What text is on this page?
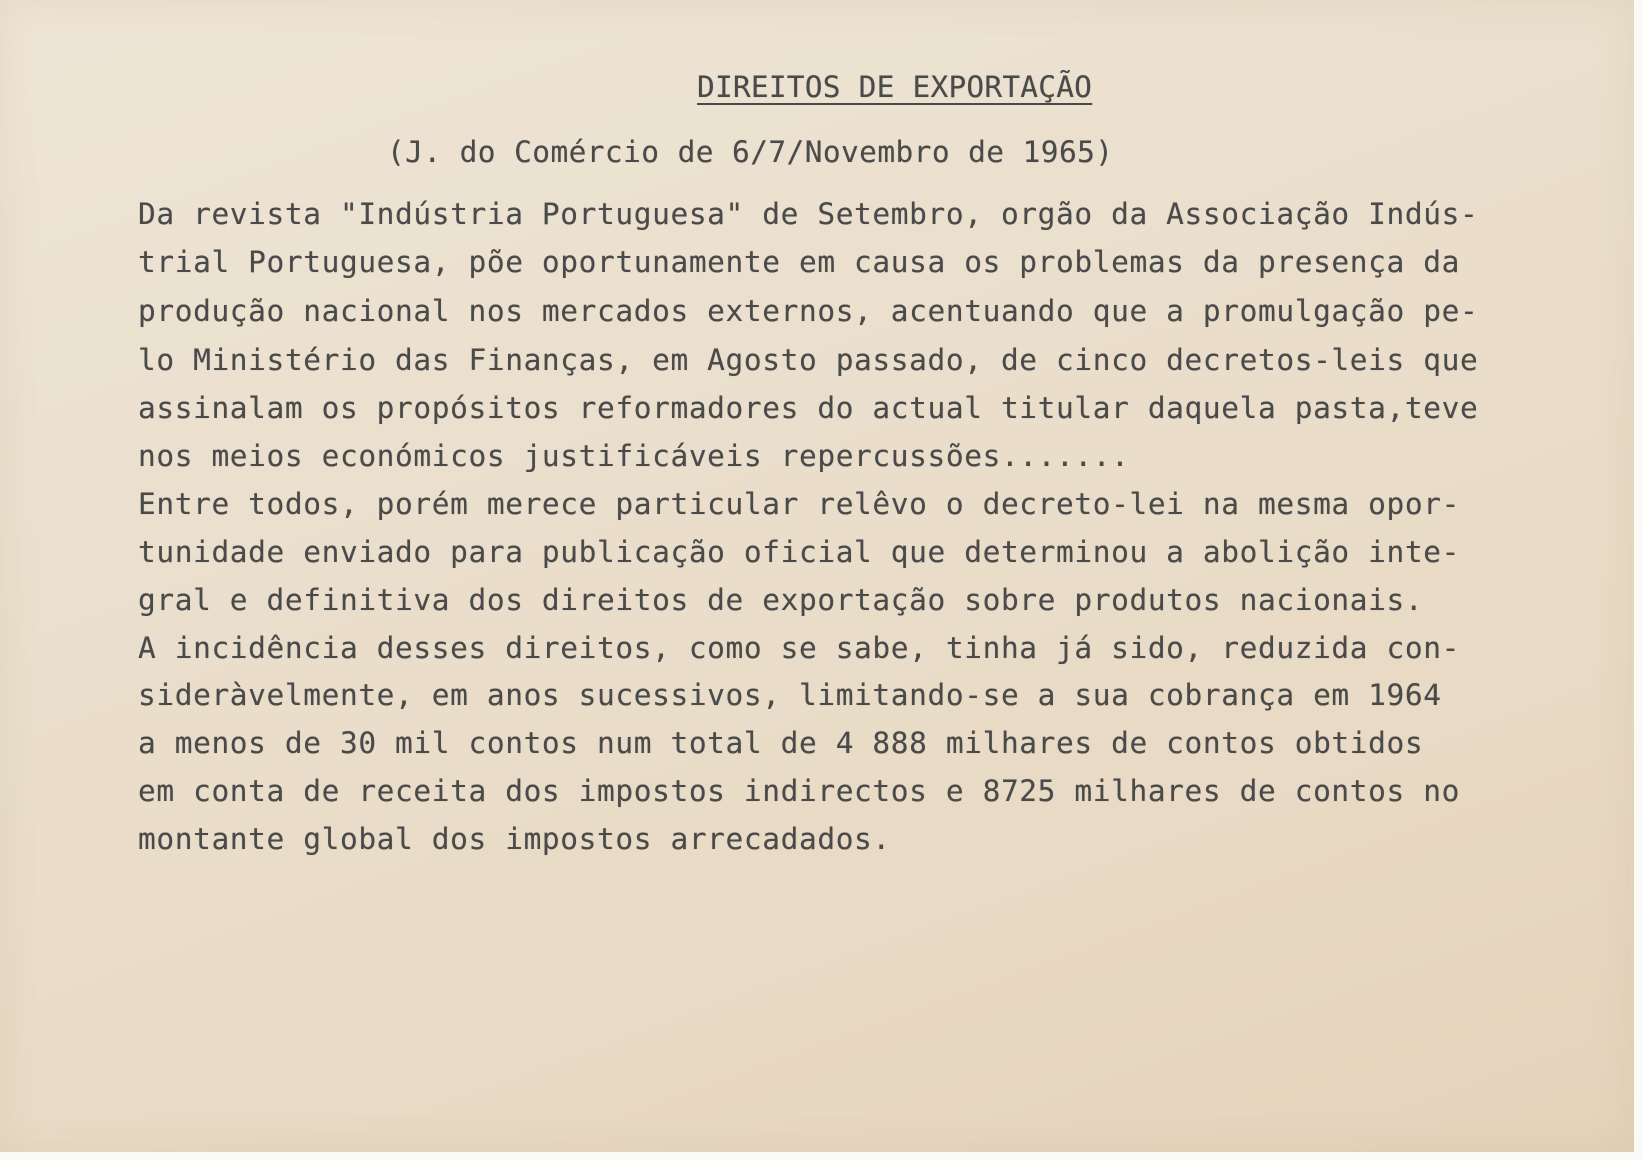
DIREITOS DE EXPORTAÇÃO
(J. do Comércio de 6/7/Novembro de 1965)
Da revista "Indústria Portuguesa" de Setembro, orgão da Associação Indús-
trial Portuguesa, põe oportunamente em causa os problemas da presença da
produção nacional nos mercados externos, acentuando que a promulgação pe-
lo Ministério das Finanças, em Agosto passado, de cinco decretos-leis que
assinalam os propósitos reformadores do actual titular daquela pasta,teve
nos meios económicos justificáveis repercussões.......
Entre todos, porém merece particular relêvo o decreto-lei na mesma opor-
tunidade enviado para publicação oficial que determinou a abolição inte-
gral e definitiva dos direitos de exportação sobre produtos nacionais.
A incidência desses direitos, como se sabe, tinha já sido, reduzida con-
sideràvelmente, em anos sucessivos, limitando-se a sua cobrança em 1964
a menos de 30 mil contos num total de 4 888 milhares de contos obtidos
em conta de receita dos impostos indirectos e 8725 milhares de contos no
montante global dos impostos arrecadados.
